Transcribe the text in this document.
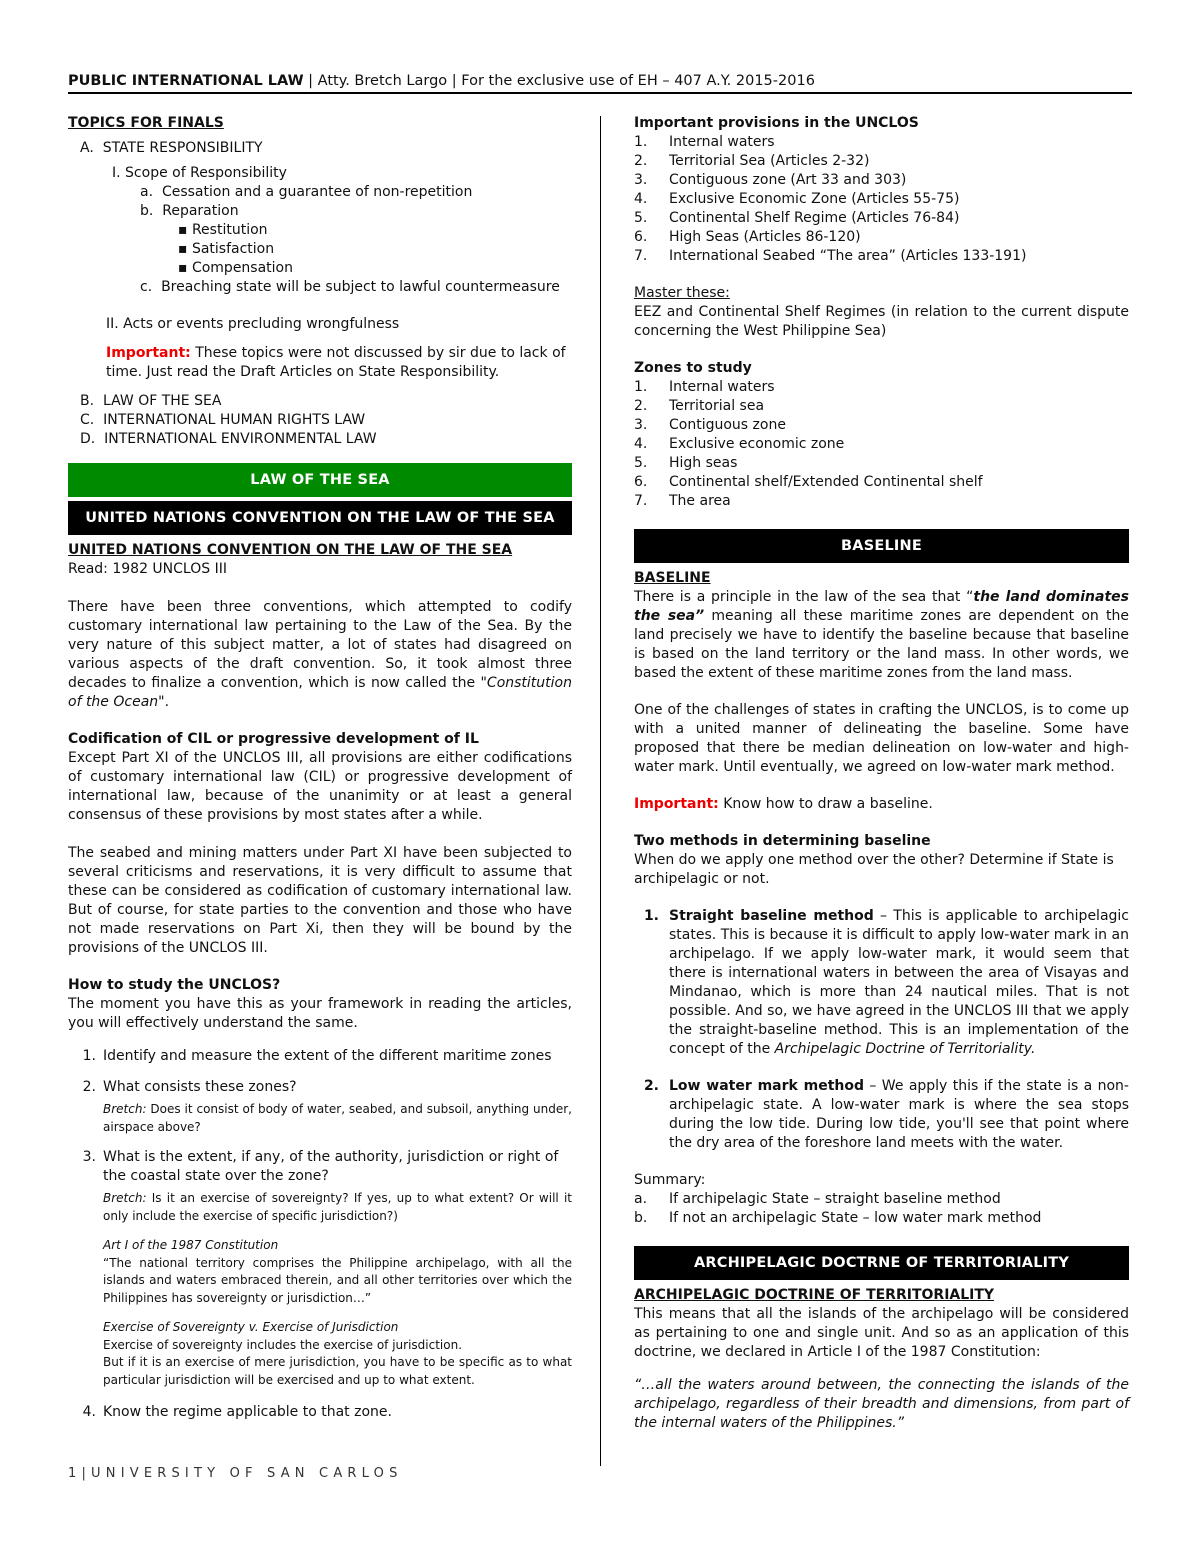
PUBLIC INTERNATIONAL LAW | Atty. Bretch Largo | For the exclusive use of EH – 407 A.Y. 2015-2016
TOPICS FOR FINALS
A. STATE RESPONSIBILITY
I. Scope of Responsibility
a.  Cessation and a guarantee of non-repetition
b.  Reparation
▪ Restitution
▪ Satisfaction
▪ Compensation
c.  Breaching state will be subject to lawful countermeasure
II. Acts or events precluding wrongfulness
Important: These topics were not discussed by sir due to lack of time. Just read the Draft Articles on State Responsibility.
B. LAW OF THE SEA
C. INTERNATIONAL HUMAN RIGHTS LAW
D. INTERNATIONAL ENVIRONMENTAL LAW
LAW OF THE SEA
UNITED NATIONS CONVENTION ON THE LAW OF THE SEA
UNITED NATIONS CONVENTION ON THE LAW OF THE SEA
Read: 1982 UNCLOS III
There have been three conventions, which attempted to codify customary international law pertaining to the Law of the Sea. By the very nature of this subject matter, a lot of states had disagreed on various aspects of the draft convention. So, it took almost three decades to finalize a convention, which is now called the "Constitution of the Ocean".
Codification of CIL or progressive development of IL
Except Part XI of the UNCLOS III, all provisions are either codifications of customary international law (CIL) or progressive development of international law, because of the unanimity or at least a general consensus of these provisions by most states after a while.
The seabed and mining matters under Part XI have been subjected to several criticisms and reservations, it is very difficult to assume that these can be considered as codification of customary international law. But of course, for state parties to the convention and those who have not made reservations on Part Xi, then they will be bound by the provisions of the UNCLOS III.
How to study the UNCLOS?
The moment you have this as your framework in reading the articles, you will effectively understand the same.
1. Identify and measure the extent of the different maritime zones
2. What consists these zones?
Bretch: Does it consist of body of water, seabed, and subsoil, anything under, airspace above?
3. What is the extent, if any, of the authority, jurisdiction or right of the coastal state over the zone?
Bretch: Is it an exercise of sovereignty? If yes, up to what extent? Or will it only include the exercise of specific jurisdiction?)
Art I of the 1987 Constitution
“The national territory comprises the Philippine archipelago, with all the islands and waters embraced therein, and all other territories over which the Philippines has sovereignty or jurisdiction…”
Exercise of Sovereignty v. Exercise of Jurisdiction
Exercise of sovereignty includes the exercise of jurisdiction.
But if it is an exercise of mere jurisdiction, you have to be specific as to what particular jurisdiction will be exercised and up to what extent.
4. Know the regime applicable to that zone.
Important provisions in the UNCLOS
1.	Internal waters
2.	Territorial Sea (Articles 2-32)
3.	Contiguous zone (Art 33 and 303)
4.	Exclusive Economic Zone (Articles 55-75)
5.	Continental Shelf Regime (Articles 76-84)
6.	High Seas (Articles 86-120)
7.	International Seabed “The area” (Articles 133-191)
Master these:
EEZ and Continental Shelf Regimes (in relation to the current dispute concerning the West Philippine Sea)
Zones to study
1.	Internal waters
2.	Territorial sea
3.	Contiguous zone
4.	Exclusive economic zone
5.	High seas
6.	Continental shelf/Extended Continental shelf
7.	The area
BASELINE
BASELINE
There is a principle in the law of the sea that “the land dominates the sea” meaning all these maritime zones are dependent on the land precisely we have to identify the baseline because that baseline is based on the land territory or the land mass. In other words, we based the extent of these maritime zones from the land mass.
One of the challenges of states in crafting the UNCLOS, is to come up with a united manner of delineating the baseline. Some have proposed that there be median delineation on low-water and high-water mark. Until eventually, we agreed on low-water mark method.
Important: Know how to draw a baseline.
Two methods in determining baseline
When do we apply one method over the other? Determine if State is archipelagic or not.
1. Straight baseline method – This is applicable to archipelagic states. This is because it is difficult to apply low-water mark in an archipelago. If we apply low-water mark, it would seem that there is international waters in between the area of Visayas and Mindanao, which is more than 24 nautical miles. That is not possible. And so, we have agreed in the UNCLOS III that we apply the straight-baseline method. This is an implementation of the concept of the Archipelagic Doctrine of Territoriality.
2. Low water mark method – We apply this if the state is a non-archipelagic state. A low-water mark is where the sea stops during the low tide. During low tide, you'll see that point where the dry area of the foreshore land meets with the water.
Summary:
a. If archipelagic State – straight baseline method
b. If not an archipelagic State – low water mark method
ARCHIPELAGIC DOCTRNE OF TERRITORIALITY
ARCHIPELAGIC DOCTRINE OF TERRITORIALITY
This means that all the islands of the archipelago will be considered as pertaining to one and single unit. And so as an application of this doctrine, we declared in Article I of the 1987 Constitution:
“…all the waters around between, the connecting the islands of the archipelago, regardless of their breadth and dimensions, from part of the internal waters of the Philippines.”
1|UNIVERSITY OF SAN CARLOS
